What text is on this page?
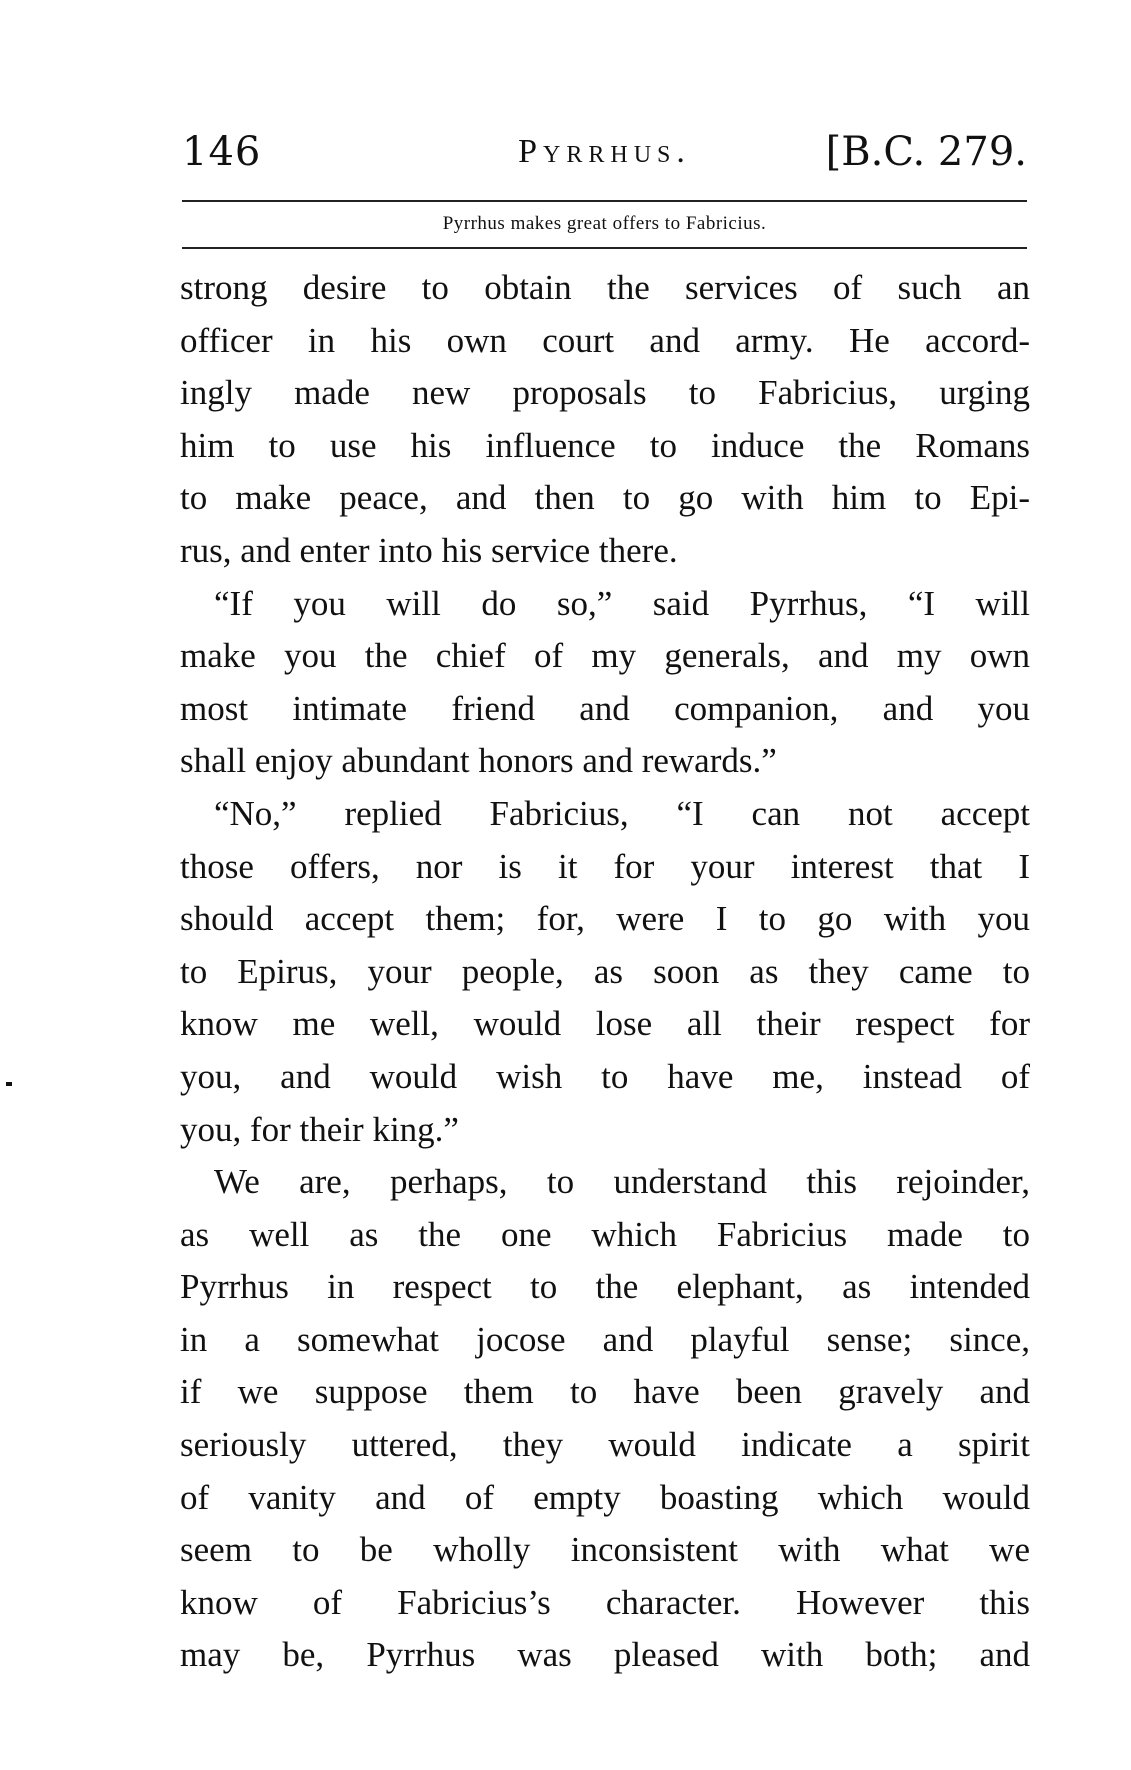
146	Pyrrhus.	[B.C. 279.
Pyrrhus makes great offers to Fabricius.
strong desire to obtain the services of such an
officer in his own court and army. He accord-
ingly made new proposals to Fabricius, urging
him to use his influence to induce the Romans
to make peace, and then to go with him to Epi-
rus, and enter into his service there.
“If you will do so,” said Pyrrhus, “I will
make you the chief of my generals, and my own
most intimate friend and companion, and you
shall enjoy abundant honors and rewards.”
“No,” replied Fabricius, “I can not accept
those offers, nor is it for your interest that I
should accept them; for, were I to go with you
to Epirus, your people, as soon as they came to
know me well, would lose all their respect for
you, and would wish to have me, instead of
you, for their king.”
We are, perhaps, to understand this rejoinder,
as well as the one which Fabricius made to
Pyrrhus in respect to the elephant, as intended
in a somewhat jocose and playful sense; since,
if we suppose them to have been gravely and
seriously uttered, they would indicate a spirit
of vanity and of empty boasting which would
seem to be wholly inconsistent with what we
know of Fabricius’s character. However this
may be, Pyrrhus was pleased with both; and
